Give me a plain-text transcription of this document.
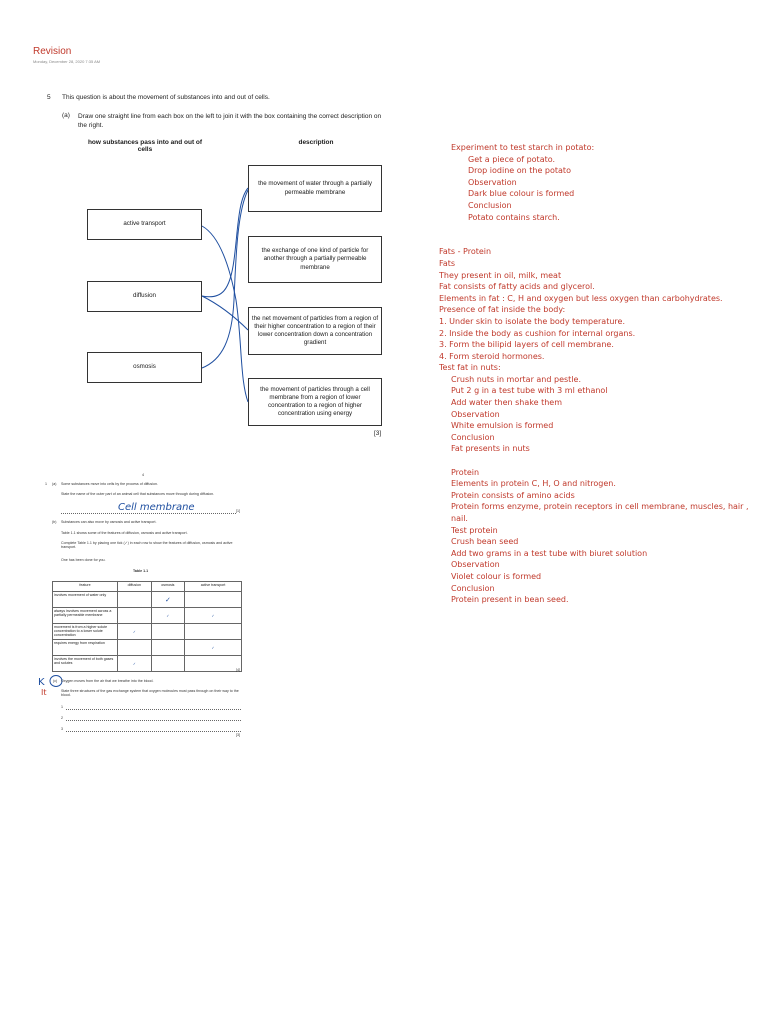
Revision
Monday, December 28, 2020 7:35 AM
5 This question is about the movement of substances into and out of cells.
(a) Draw one straight line from each box on the left to join it with the box containing the correct description on the right.
how substances pass into and out of cells
description
active transport
diffusion
osmosis
the movement of water through a partially permeable membrane
the exchange of one kind of particle for another through a partially permeable membrane
the net movement of particles from a region of their higher concentration to a region of their lower concentration down a concentration gradient
the movement of particles through a cell membrane from a region of lower concentration to a region of higher concentration using energy
[3]
4
1 (a) Some substances move into cells by the process of diffusion.
State the name of the outer part of an animal cell that substances move through during diffusion.
Cell membrane	[1]
(b) Substances can also move by osmosis and active transport.
Table 1.1 shows some of the features of diffusion, osmosis and active transport.
Complete Table 1.1 by placing one tick (✓) in each row to show the features of diffusion, osmosis and active transport.
One has been done for you.
Table 1.1
feature	diffusion	osmosis	active transport
involves movement of water only		✓	
always involves movement across a partially permeable membrane		✓	✓
movement is from a higher solute concentration to a lower solute concentration	✓		
requires energy from respiration			✓
involves the movement of both gases and solutes	✓		
[4]
K (c)
It
Oxygen moves from the air that we breathe into the blood.
State three structures of the gas exchange system that oxygen molecules must pass through on their way to the blood.
1
2
3
[3]
Experiment to test starch in potato:
Get a piece of potato.
Drop iodine on the potato
Observation
Dark blue colour is formed
Conclusion
Potato contains starch.
Fats - Protein
Fats
They present in oil, milk, meat
Fat consists of fatty acids and glycerol.
Elements in fat : C, H and oxygen but less oxygen than carbohydrates.
Presence of fat inside the body:
1. Under skin to isolate the body temperature.
2. Inside the body as cushion for internal organs.
3. Form the bilipid layers of cell membrane.
4. Form steroid hormones.
Test fat in nuts:
Crush nuts in mortar and pestle.
Put 2 g in a test tube with 3 ml ethanol
Add water then shake them
Observation
White emulsion is formed
Conclusion
Fat presents in nuts
Protein
Elements in protein C, H, O and nitrogen.
Protein consists of amino acids
Protein forms enzyme, protein receptors in cell membrane, muscles, hair ,
nail.
Test protein
Crush bean seed
Add two grams in a test tube with biuret solution
Observation
Violet colour is formed
Conclusion
Protein present in bean seed.
